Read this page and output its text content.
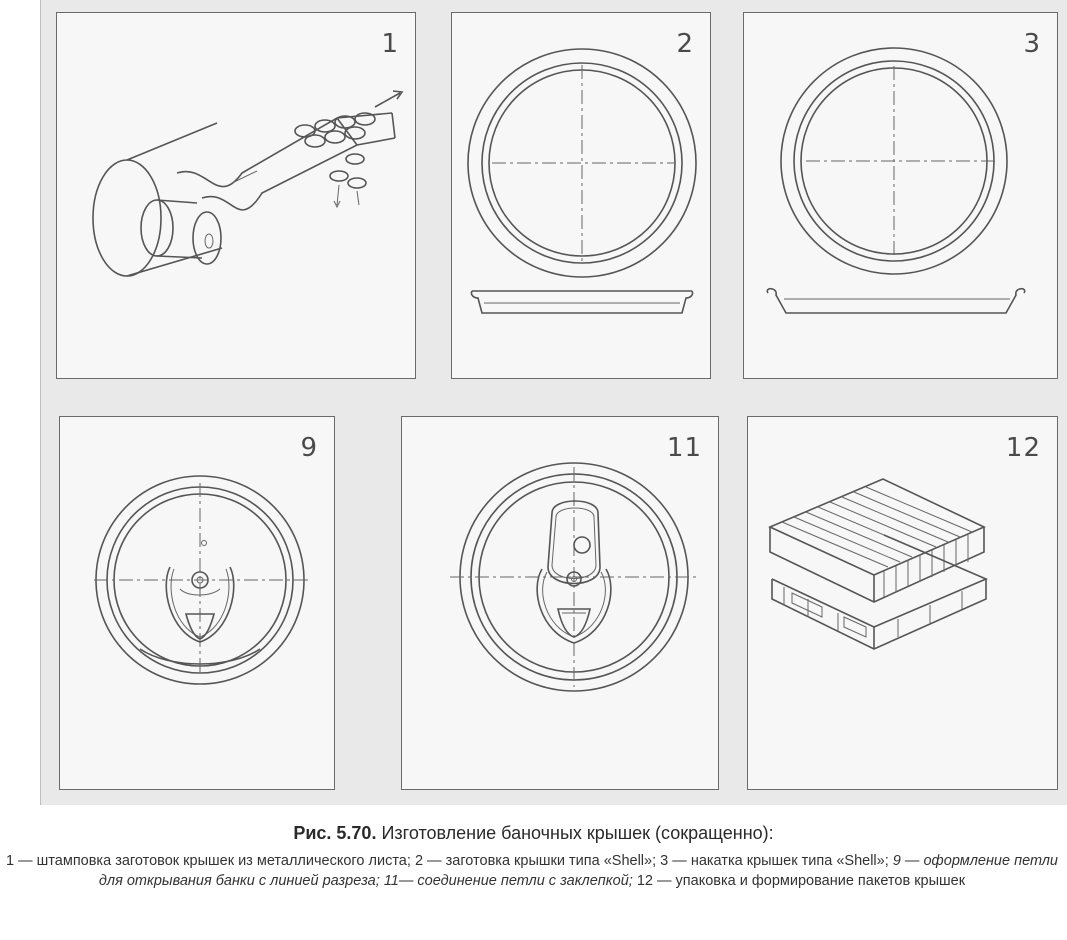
1	2	3
9	11	12
Рис. 5.70. Изготовление баночных крышек (сокращенно):
1 — штамповка заготовок крышек из металлического листа; 2 — заготовка крышки типа «Shell»; 3 — накатка крышек типа «Shell»; 9 — оформление петли для открывания банки с линией разреза; 11— соединение петли с заклепкой; 12 — упаковка и формирование пакетов крышек
